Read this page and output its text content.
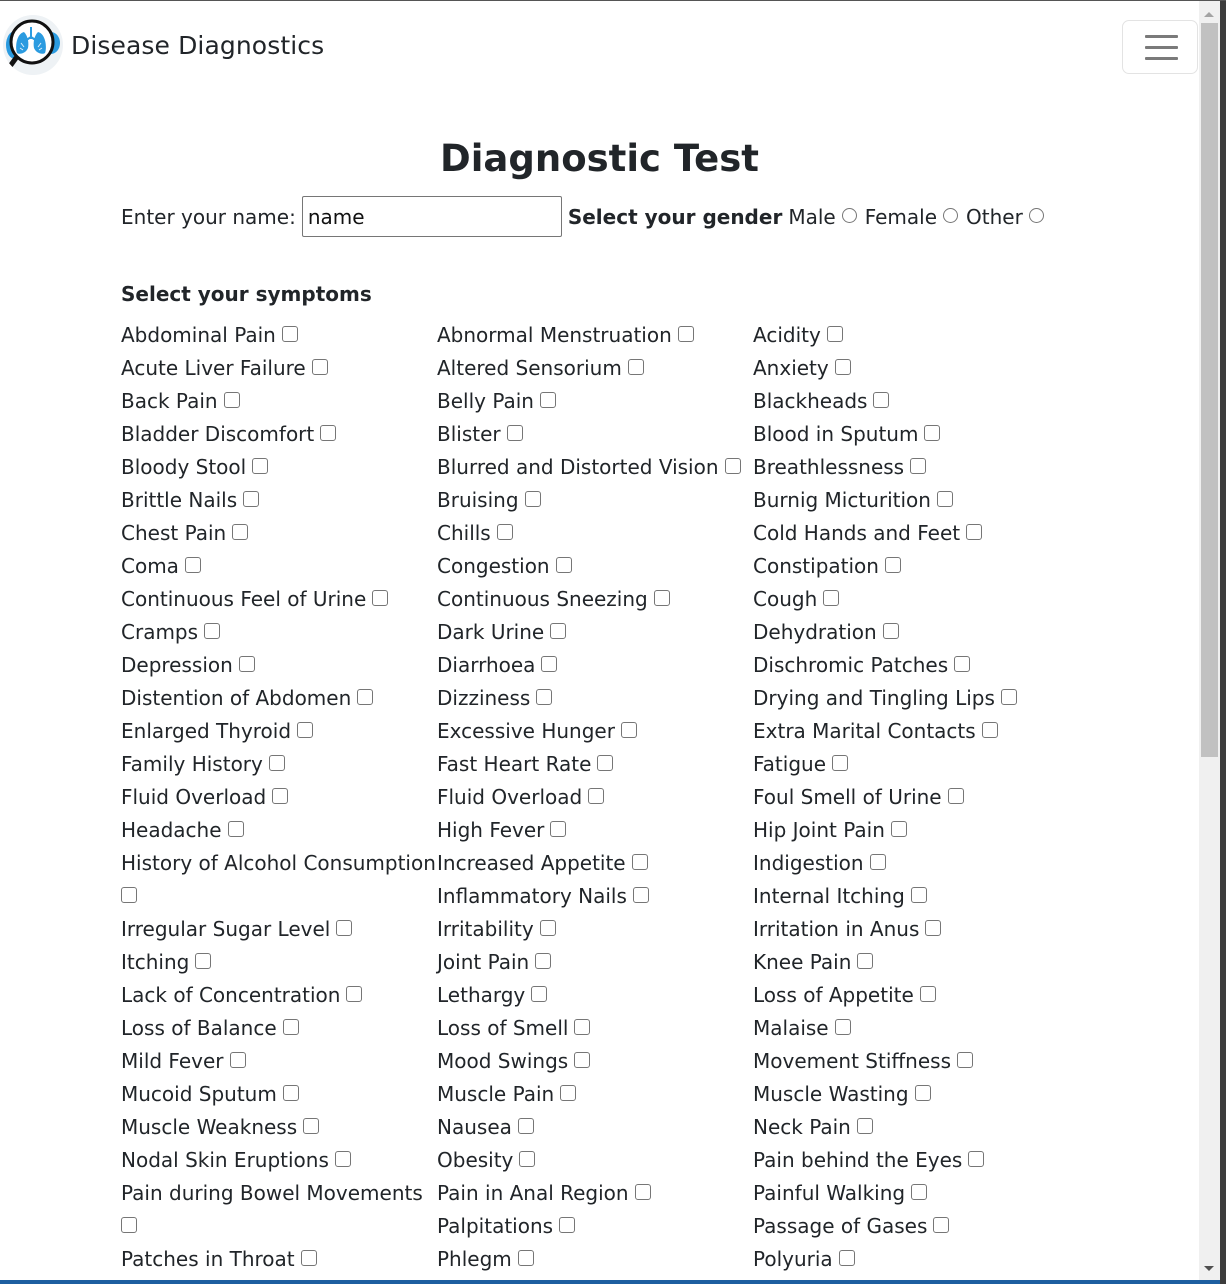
Disease Diagnostics
Diagnostic Test
Enter your name:
name	Select your gender Male Female Other
Select your symptoms
Abdominal Pain
Acute Liver Failure
Back Pain
Bladder Discomfort
Bloody Stool
Brittle Nails
Chest Pain
Coma
Continuous Feel of Urine
Cramps
Depression
Distention of Abdomen
Enlarged Thyroid
Family History
Fluid Overload
Headache
History of Alcohol Consumption

Irregular Sugar Level
Itching
Lack of Concentration
Loss of Balance
Mild Fever
Mucoid Sputum
Muscle Weakness
Nodal Skin Eruptions
Pain during Bowel Movements

Patches in Throat
Abnormal Menstruation
Altered Sensorium
Belly Pain
Blister
Blurred and Distorted Vision
Bruising
Chills
Congestion
Continuous Sneezing
Dark Urine
Diarrhoea
Dizziness
Excessive Hunger
Fast Heart Rate
Fluid Overload
High Fever
Increased Appetite
Inflammatory Nails
Irritability
Joint Pain
Lethargy
Loss of Smell
Mood Swings
Muscle Pain
Nausea
Obesity
Pain in Anal Region
Palpitations
Phlegm
Acidity
Anxiety
Blackheads
Blood in Sputum
Breathlessness
Burnig Micturition
Cold Hands and Feet
Constipation
Cough
Dehydration
Dischromic Patches
Drying and Tingling Lips
Extra Marital Contacts
Fatigue
Foul Smell of Urine
Hip Joint Pain
Indigestion
Internal Itching
Irritation in Anus
Knee Pain
Loss of Appetite
Malaise
Movement Stiffness
Muscle Wasting
Neck Pain
Pain behind the Eyes
Painful Walking
Passage of Gases
Polyuria
